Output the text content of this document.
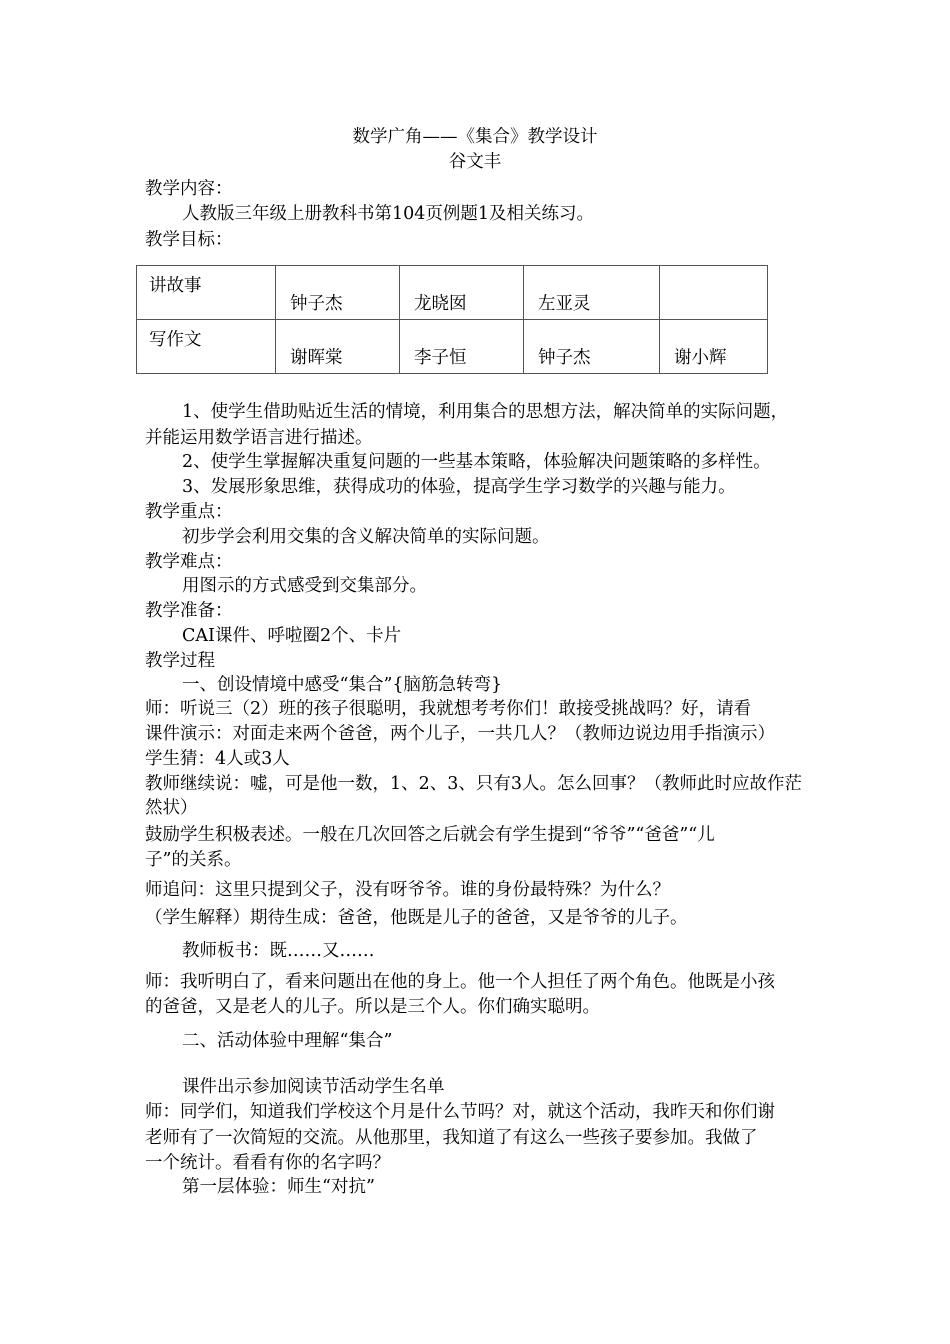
数学广角——《集合》教学设计
谷文丰
教学内容：
人教版三年级上册教科书第104页例题1及相关练习。
教学目标：
讲故事	钟子杰	龙晓囡	左亚灵	

写作文	谢晖棠	李子恒	钟子杰	谢小辉
1、使学生借助贴近生活的情境，利用集合的思想方法，解决简单的实际问题，
并能运用数学语言进行描述。
2、使学生掌握解决重复问题的一些基本策略，体验解决问题策略的多样性。
3、发展形象思维，获得成功的体验，提高学生学习数学的兴趣与能力。
教学重点：
初步学会利用交集的含义解决简单的实际问题。
教学难点：
用图示的方式感受到交集部分。
教学准备：
CAI课件、呼啦圈2个、卡片
教学过程
一、创设情境中感受“集合”{脑筋急转弯}
师：听说三（2）班的孩子很聪明，我就想考考你们！敢接受挑战吗？好，请看
课件演示：对面走来两个爸爸，两个儿子，一共几人？（教师边说边用手指演示）
学生猜：4人或3人
教师继续说：嘘，可是他一数，1、2、3、只有3人。怎么回事？（教师此时应故作茫
然状）
鼓励学生积极表述。一般在几次回答之后就会有学生提到“爷爷”“爸爸”“儿
子”的关系。
师追问：这里只提到父子，没有呀爷爷。谁的身份最特殊？为什么？
（学生解释）期待生成：爸爸，他既是儿子的爸爸，又是爷爷的儿子。
教师板书：既……又……
师：我听明白了，看来问题出在他的身上。他一个人担任了两个角色。他既是小孩
的爸爸，又是老人的儿子。所以是三个人。你们确实聪明。
二、活动体验中理解“集合”
课件出示参加阅读节活动学生名单
师：同学们，知道我们学校这个月是什么节吗？对，就这个活动，我昨天和你们谢
老师有了一次简短的交流。从他那里，我知道了有这么一些孩子要参加。我做了
一个统计。看看有你的名字吗？
第一层体验：师生“对抗”
